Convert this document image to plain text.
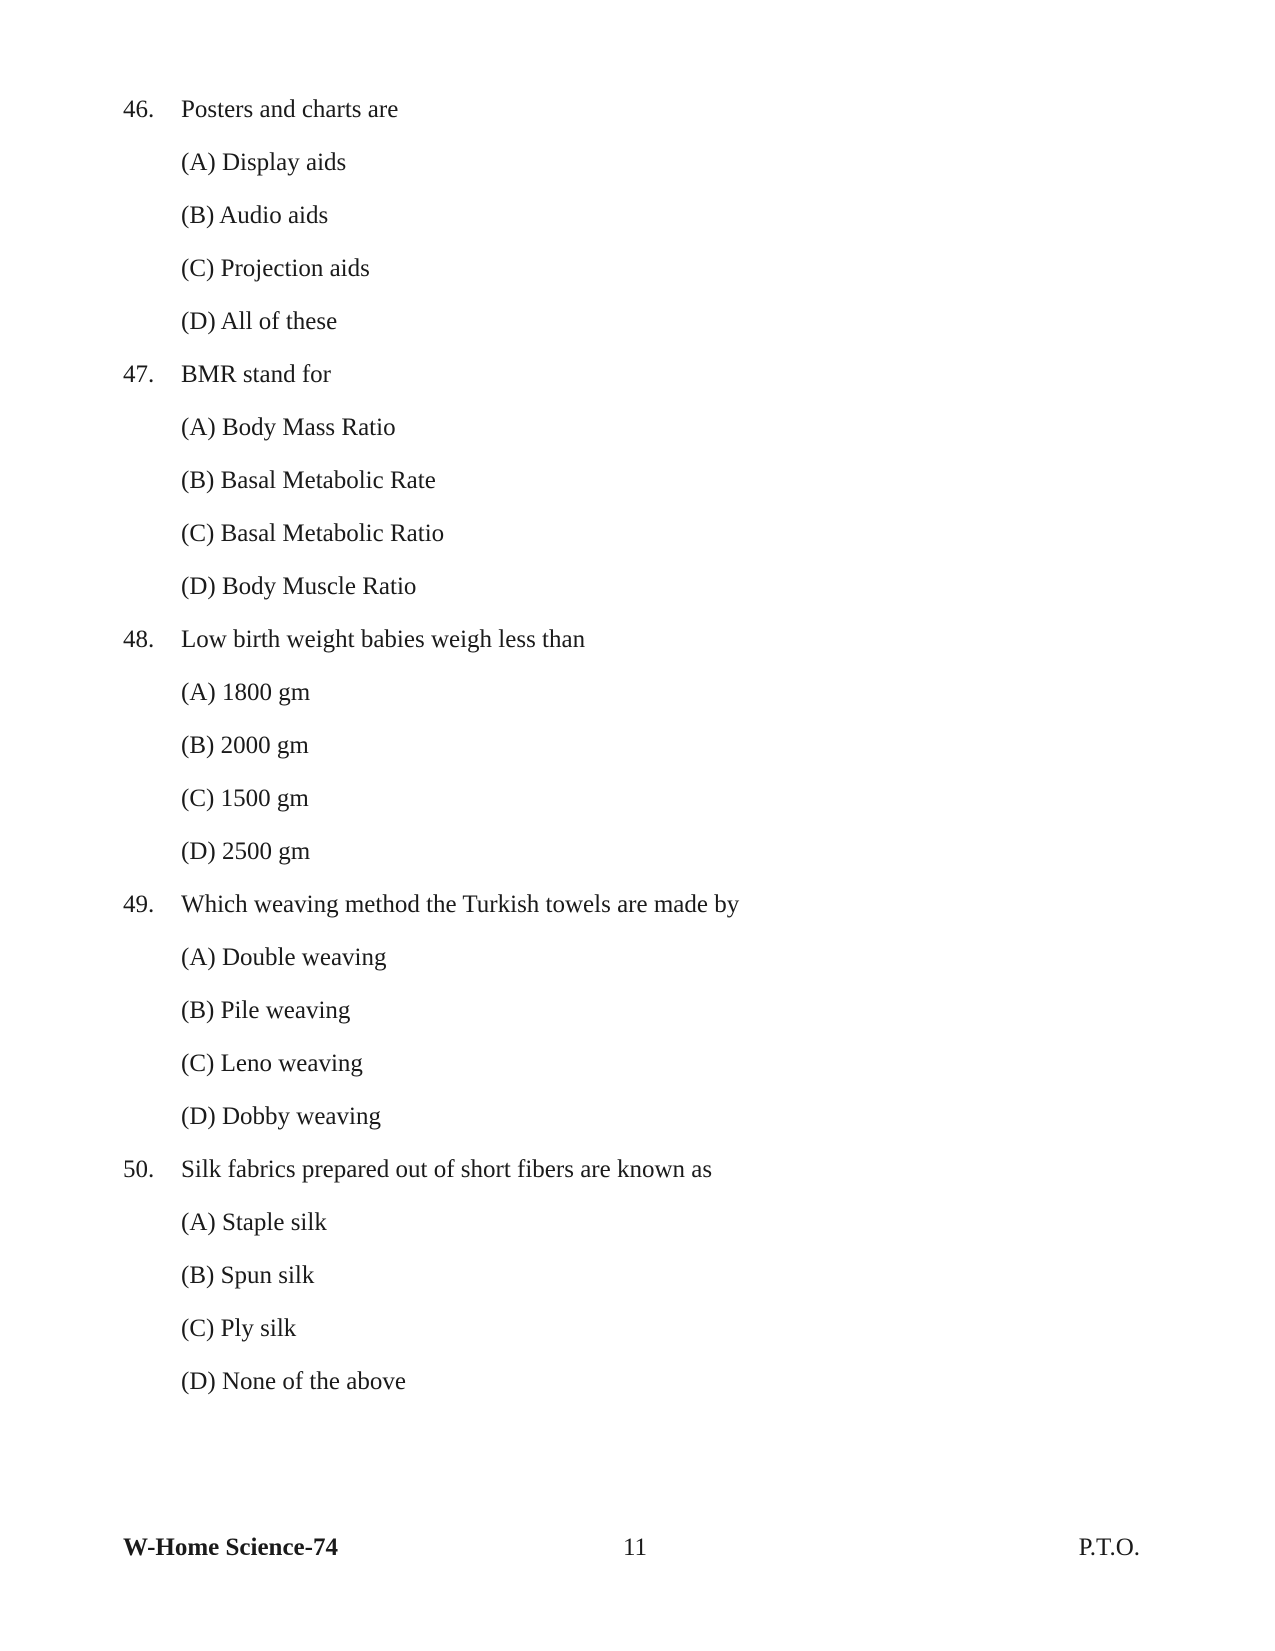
46. Posters and charts are
(A) Display aids
(B) Audio aids
(C) Projection aids
(D) All of these
47. BMR stand for
(A) Body Mass Ratio
(B) Basal Metabolic Rate
(C) Basal Metabolic Ratio
(D) Body Muscle Ratio
48. Low birth weight babies weigh less than
(A) 1800 gm
(B) 2000 gm
(C) 1500 gm
(D) 2500 gm
49. Which weaving method the Turkish towels are made by
(A) Double weaving
(B) Pile weaving
(C) Leno weaving
(D) Dobby weaving
50. Silk fabrics prepared out of short fibers are known as
(A) Staple silk
(B) Spun silk
(C) Ply silk
(D) None of the above
W-Home Science-74	11	P.T.O.
